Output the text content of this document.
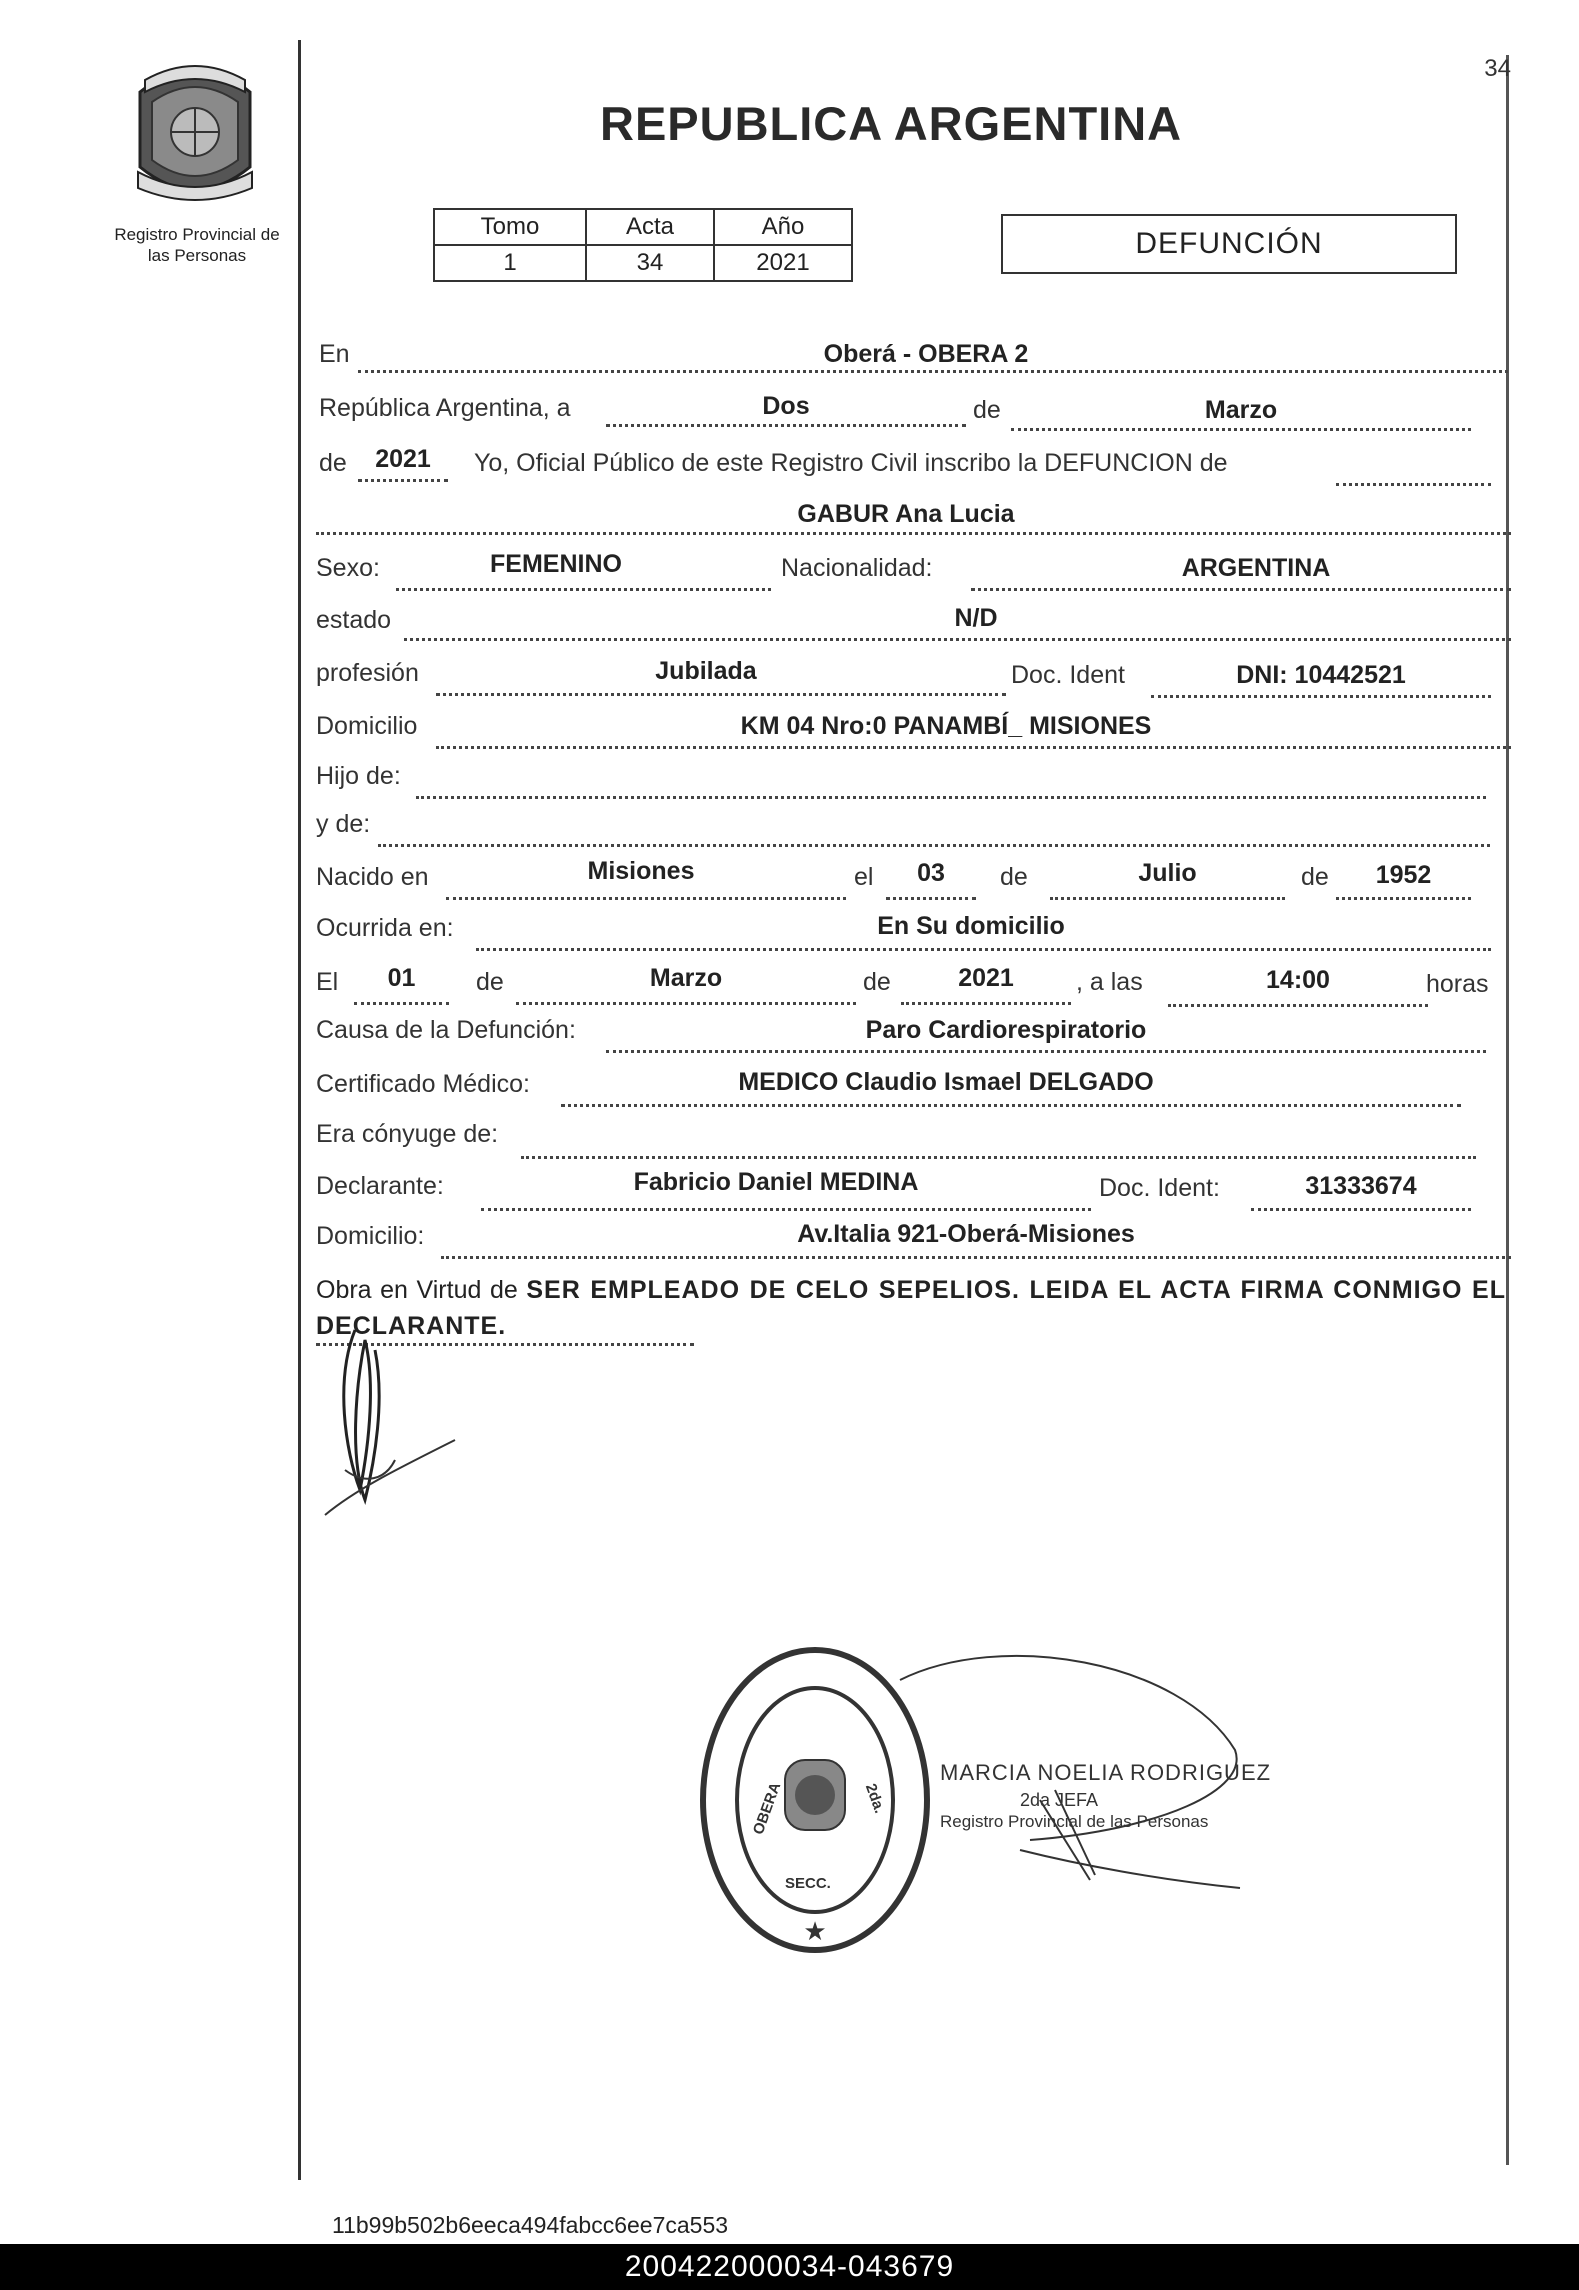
34
Registro Provincial de
las Personas
REPUBLICA ARGENTINA
Tomo	Acta	Año
1	34	2021
DEFUNCIÓN
En	Oberá - OBERA 2
República Argentina, a	Dos	de	Marzo
de	2021	Yo, Oficial Público de este Registro Civil inscribo la DEFUNCION de
GABUR Ana Lucia
Sexo:	FEMENINO	Nacionalidad:	ARGENTINA
estado	N/D
profesión	Jubilada	Doc. Ident	DNI: 10442521
Domicilio	KM 04 Nro:0 PANAMBÍ_ MISIONES
Hijo de:
y de:
Nacido en	Misiones	el	03	de	Julio	de	1952
Ocurrida en:	En Su domicilio
El	01	de	Marzo	de	2021	, a las	14:00	horas
Causa de la Defunción:	Paro Cardiorespiratorio
Certificado Médico:	MEDICO Claudio Ismael DELGADO
Era cónyuge de:
Declarante:	Fabricio Daniel MEDINA	Doc. Ident:	31333674
Domicilio:	Av.Italia 921-Oberá-Misiones
Obra en Virtud de SER EMPLEADO DE CELO SEPELIOS. LEIDA EL ACTA FIRMA CONMIGO EL DECLARANTE.
★
OBERA	2da.
SECC.
MARCIA NOELIA RODRIGUEZ
2da JEFA
Registro Provincial de las Personas
11b99b502b6eeca494fabcc6ee7ca553
200422000034-043679
